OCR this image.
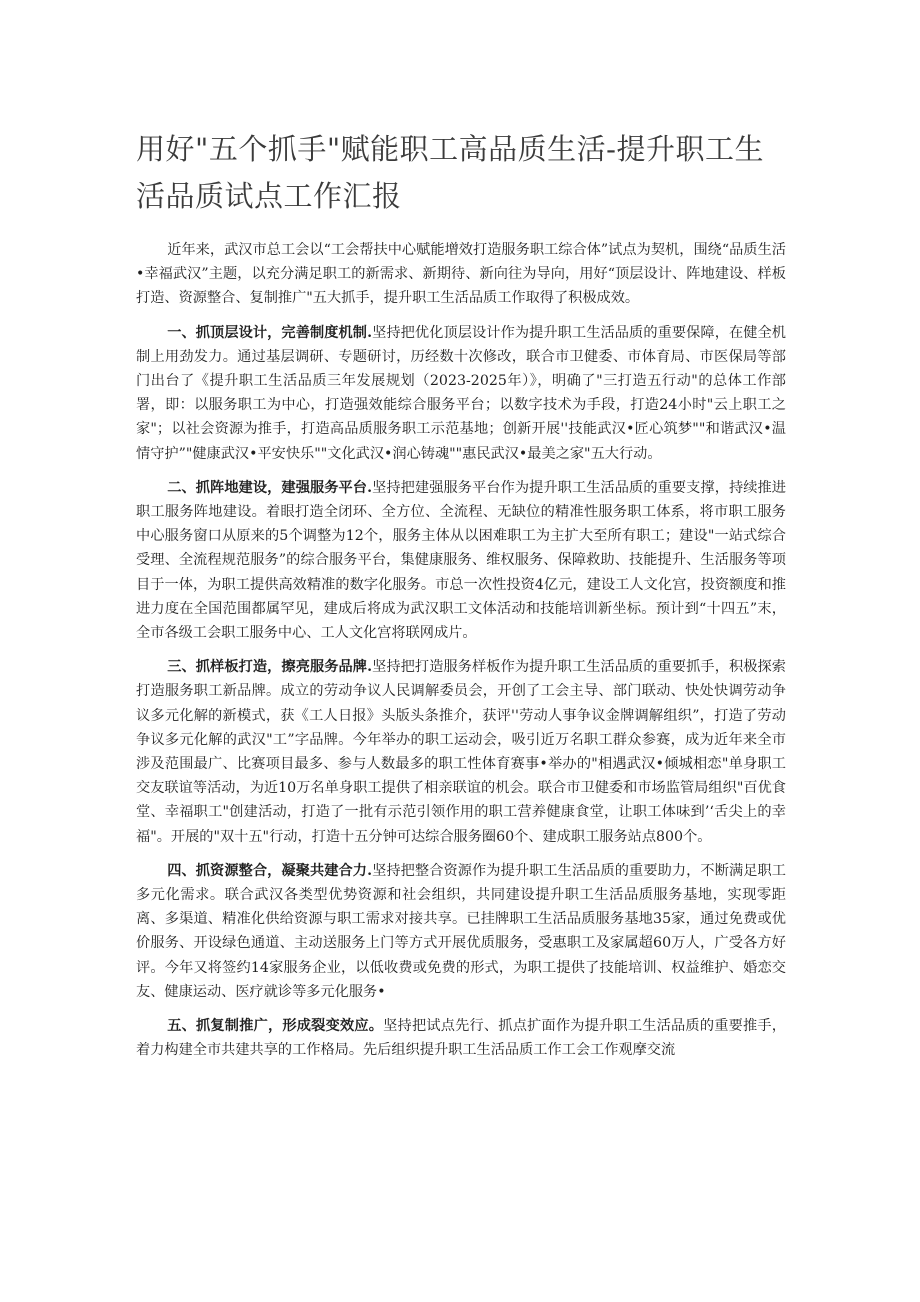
用好"五个抓手"赋能职工高品质生活-提升职工生活品质试点工作汇报

近年来，武汉市总工会以“工会帮扶中心赋能增效打造服务职工综合体”试点为契机，围绕“品质生活•幸福武汉”主题，以充分满足职工的新需求、新期待、新向往为导向，用好“顶层设计、阵地建设、样板打造、资源整合、复制推广"五大抓手，提升职工生活品质工作取得了积极成效。

一、抓顶层设计，完善制度机制.坚持把优化顶层设计作为提升职工生活品质的重要保障，在健全机制上用劲发力。通过基层调研、专题研讨，历经数十次修改，联合市卫健委、市体育局、市医保局等部门出台了《提升职工生活品质三年发展规划（2023-2025年）》，明确了"三打造五行动"的总体工作部署，即：以服务职工为中心，打造强效能综合服务平台；以数字技术为手段，打造24小时"云上职工之家"；以社会资源为推手，打造高品质服务职工示范基地；创新开展''技能武汉•匠心筑梦""和谐武汉•温情守护”"健康武汉•平安快乐""文化武汉•润心铸魂""惠民武汉•最美之家"五大行动。

二、抓阵地建设，建强服务平台.坚持把建强服务平台作为提升职工生活品质的重要支撑，持续推进职工服务阵地建设。着眼打造全闭环、全方位、全流程、无缺位的精准性服务职工体系，将市职工服务中心服务窗口从原来的5个调整为12个，服务主体从以困难职工为主扩大至所有职工；建设"一站式综合受理、全流程规范服务”的综合服务平台，集健康服务、维权服务、保障救助、技能提升、生活服务等项目于一体，为职工提供高效精准的数字化服务。市总一次性投资4亿元，建设工人文化宫，投资额度和推进力度在全国范围都属罕见，建成后将成为武汉职工文体活动和技能培训新坐标。预计到“十四五”末，全市各级工会职工服务中心、工人文化宫将联网成片。

三、抓样板打造，擦亮服务品牌.坚持把打造服务样板作为提升职工生活品质的重要抓手，积极探索打造服务职工新品牌。成立的劳动争议人民调解委员会，开创了工会主导、部门联动、快处快调劳动争议多元化解的新模式，获《工人日报》头版头条推介，获评''劳动人事争议金牌调解组织”，打造了劳动争议多元化解的武汉"工”字品牌。今年举办的职工运动会，吸引近万名职工群众参赛，成为近年来全市涉及范围最广、比赛项目最多、参与人数最多的职工性体育赛事•举办的"相遇武汉•倾城相恋"单身职工交友联谊等活动，为近10万名单身职工提供了相亲联谊的机会。联合市卫健委和市场监管局组织"百优食堂、幸福职工"创建活动，打造了一批有示范引领作用的职工营养健康食堂，让职工体味到’‘舌尖上的幸福"。开展的"双十五"行动，打造十五分钟可达综合服务圈60个、建成职工服务站点800个。

四、抓资源整合，凝聚共建合力.坚持把整合资源作为提升职工生活品质的重要助力，不断满足职工多元化需求。联合武汉各类型优势资源和社会组织，共同建设提升职工生活品质服务基地，实现零距离、多渠道、精准化供给资源与职工需求对接共享。已挂牌职工生活品质服务基地35家，通过免费或优价服务、开设绿色通道、主动送服务上门等方式开展优质服务，受惠职工及家属超60万人，广受各方好评。今年又将签约14家服务企业，以低收费或免费的形式，为职工提供了技能培训、权益维护、婚恋交友、健康运动、医疗就诊等多元化服务•

五、抓复制推广，形成裂变效应。坚持把试点先行、抓点扩面作为提升职工生活品质的重要推手，着力构建全市共建共享的工作格局。先后组织提升职工生活品质工作工会工作观摩交流
